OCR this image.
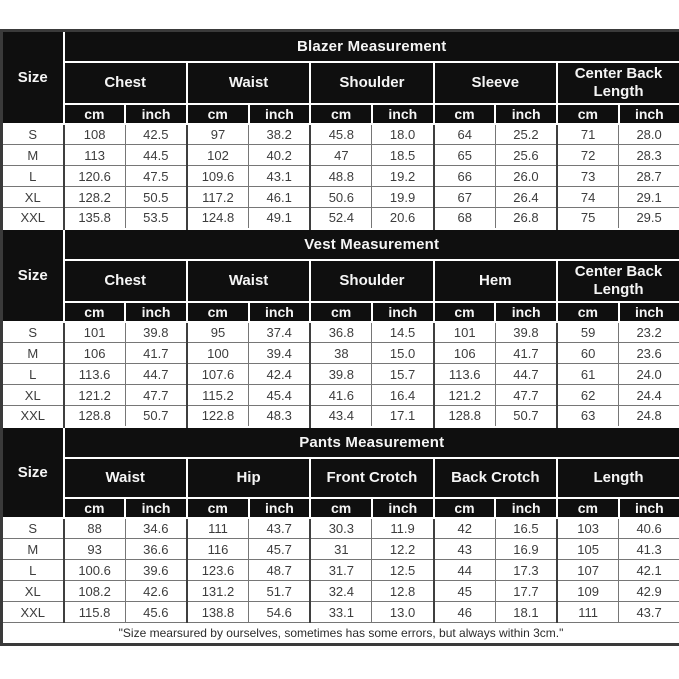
Size	Blazer Measurement									
	Chest		Waist		Shoulder		Sleeve		Center Back Length	
	cm	inch	cm	inch	cm	inch	cm	inch	cm	inch
S	108	42.5	97	38.2	45.8	18.0	64	25.2	71	28.0
M	113	44.5	102	40.2	47	18.5	65	25.6	72	28.3
L	120.6	47.5	109.6	43.1	48.8	19.2	66	26.0	73	28.7
XL	128.2	50.5	117.2	46.1	50.6	19.9	67	26.4	74	29.1
XXL	135.8	53.5	124.8	49.1	52.4	20.6	68	26.8	75	29.5
Size	Vest Measurement									
	Chest		Waist		Shoulder		Hem		Center Back Length	
	cm	inch	cm	inch	cm	inch	cm	inch	cm	inch
S	101	39.8	95	37.4	36.8	14.5	101	39.8	59	23.2
M	106	41.7	100	39.4	38	15.0	106	41.7	60	23.6
L	113.6	44.7	107.6	42.4	39.8	15.7	113.6	44.7	61	24.0
XL	121.2	47.7	115.2	45.4	41.6	16.4	121.2	47.7	62	24.4
XXL	128.8	50.7	122.8	48.3	43.4	17.1	128.8	50.7	63	24.8
Size	Pants Measurement									
	Waist		Hip		Front Crotch		Back Crotch		Length	
	cm	inch	cm	inch	cm	inch	cm	inch	cm	inch
S	88	34.6	111	43.7	30.3	11.9	42	16.5	103	40.6
M	93	36.6	116	45.7	31	12.2	43	16.9	105	41.3
L	100.6	39.6	123.6	48.7	31.7	12.5	44	17.3	107	42.1
XL	108.2	42.6	131.2	51.7	32.4	12.8	45	17.7	109	42.9
XXL	115.8	45.6	138.8	54.6	33.1	13.0	46	18.1	111	43.7
"Size mearsured by ourselves, sometimes has some errors, but always within 3cm."										
